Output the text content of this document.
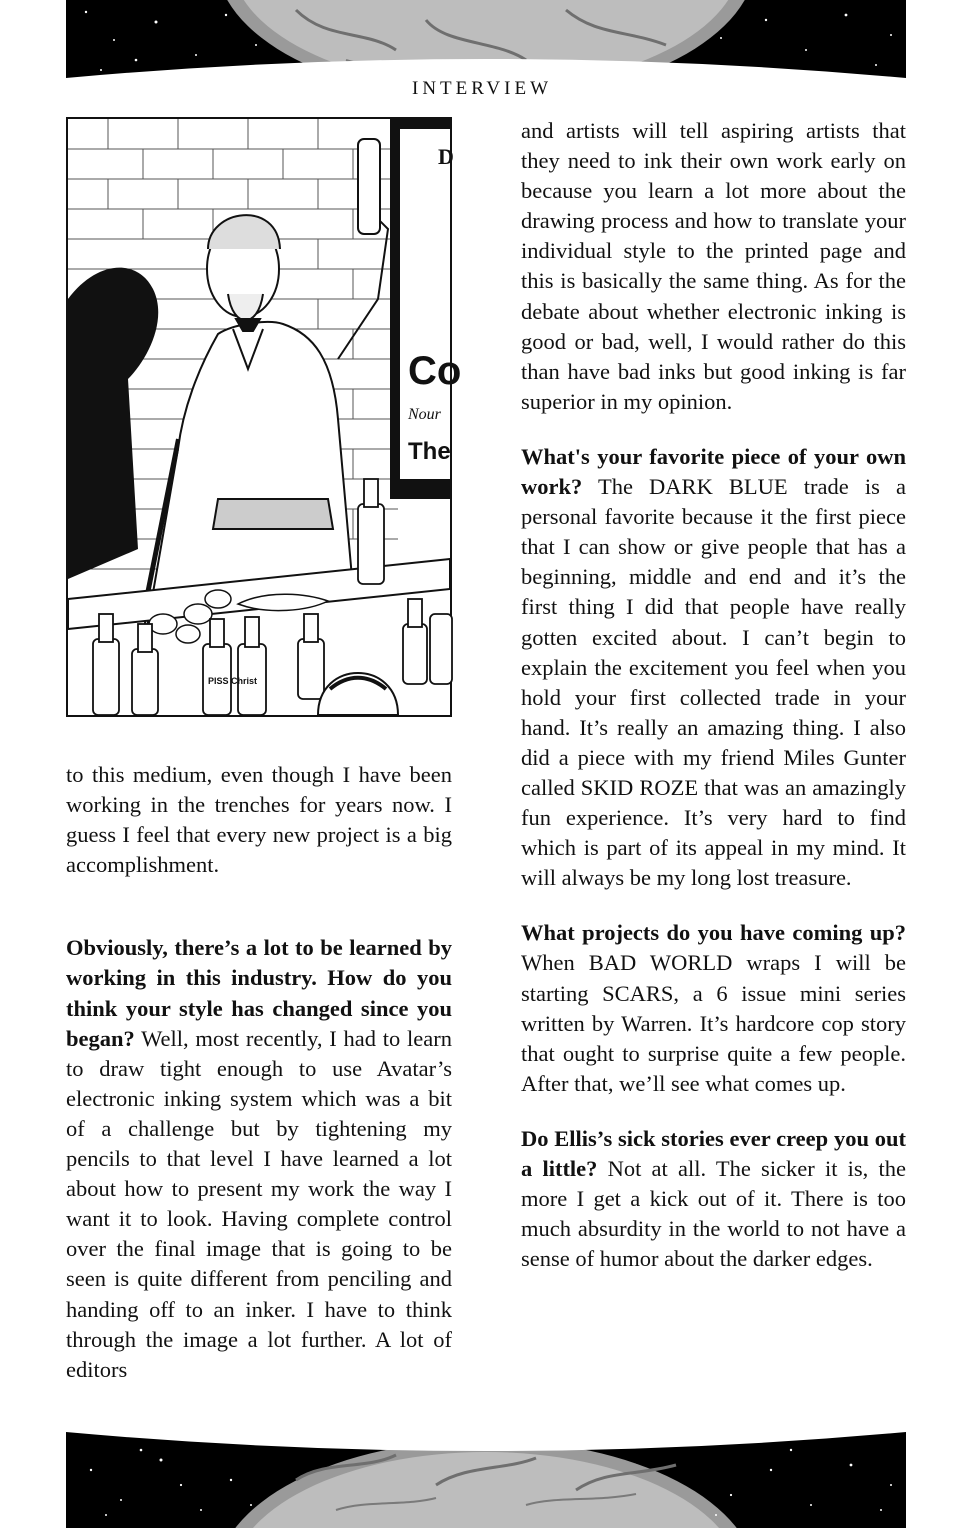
INTERVIEW
D
Co
Nour
The
PISS Christ

to this medium, even though I have been working in the trenches for years now. I guess I feel that every new project is a big accomplishment.

Obviously, there’s a lot to be learned by working in this industry. How do you think your style has changed since you began? Well, most recently, I had to learn to draw tight enough to use Avatar’s electronic inking system which was a bit of a challenge but by tightening my pencils to that level I have learned a lot about how to present my work the way I want it to look. Having complete control over the final image that is going to be seen is quite different from penciling and handing off to an inker. I have to think through the image a lot further. A lot of editors

and artists will tell aspiring artists that they need to ink their own work early on because you learn a lot more about the drawing process and how to translate your individual style to the printed page and this is basically the same thing. As for the debate about whether electronic inking is good or bad, well, I would rather do this than have bad inks but good inking is far superior in my opinion.

What's your favorite piece of your own work? The DARK BLUE trade is a personal favorite because it the first piece that I can show or give people that has a beginning, middle and end and it’s the first thing I did that people have really gotten excited about. I can’t begin to explain the excitement you feel when you hold your first collected trade in your hand. It’s really an amazing thing. I also did a piece with my friend Miles Gunter called SKID ROZE that was an amazingly fun experience. It’s very hard to find which is part of its appeal in my mind. It will always be my long lost treasure.

What projects do you have coming up? When BAD WORLD wraps I will be starting SCARS, a 6 issue mini series written by Warren. It’s hardcore cop story that ought to surprise quite a few people. After that, we’ll see what comes up.

Do Ellis’s sick stories ever creep you out a little? Not at all. The sicker it is, the more I get a kick out of it. There is too much absurdity in the world to not have a sense of humor about the darker edges.
